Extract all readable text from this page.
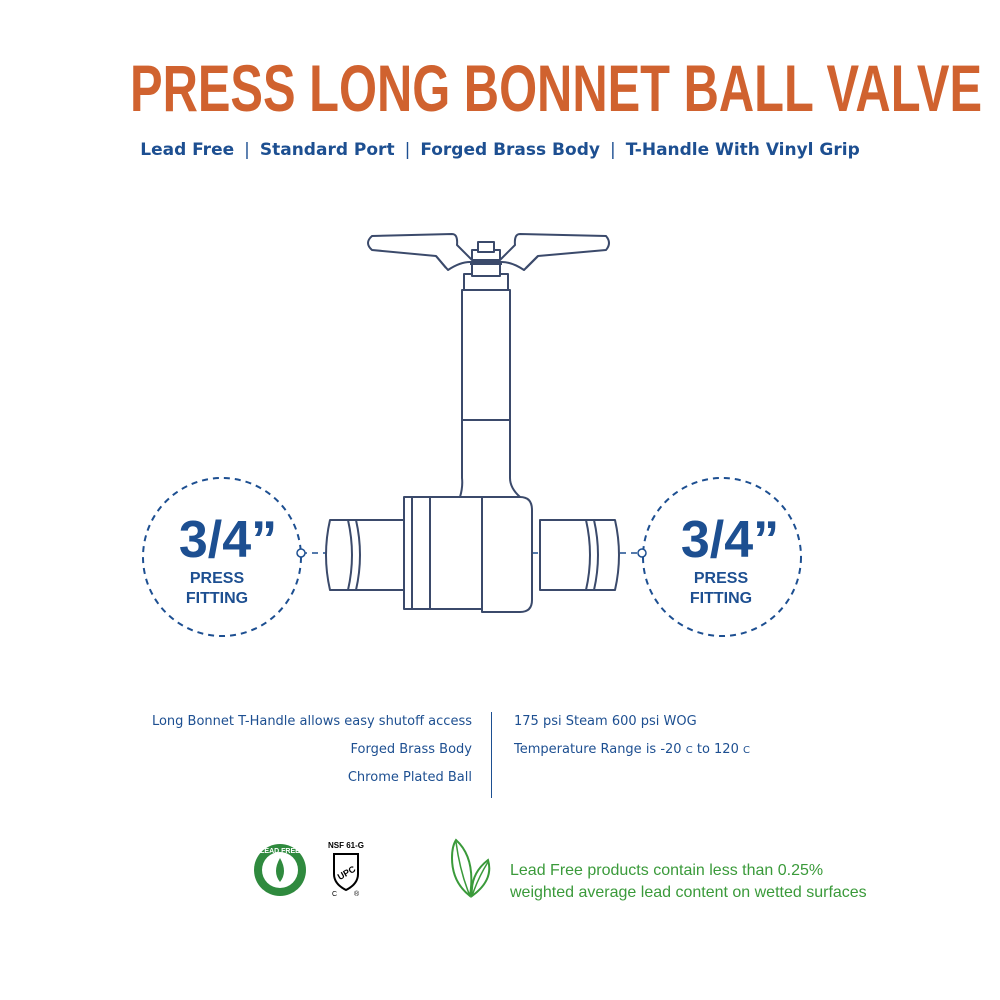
PRESS LONG BONNET BALL VALVE
Lead Free | Standard Port | Forged Brass Body | T-Handle With Vinyl Grip
3/4”
PRESS
FITTING
3/4”
PRESS
FITTING
Long Bonnet T-Handle allows easy shutoff access
Forged Brass Body
Chrome Plated Ball
175 psi Steam 600 psi WOG
Temperature Range is -20 C to 120 C
LEAD FREE
NSF 61-G
UPC
C ®
Lead Free products contain less than 0.25%
weighted average lead content on wetted surfaces
